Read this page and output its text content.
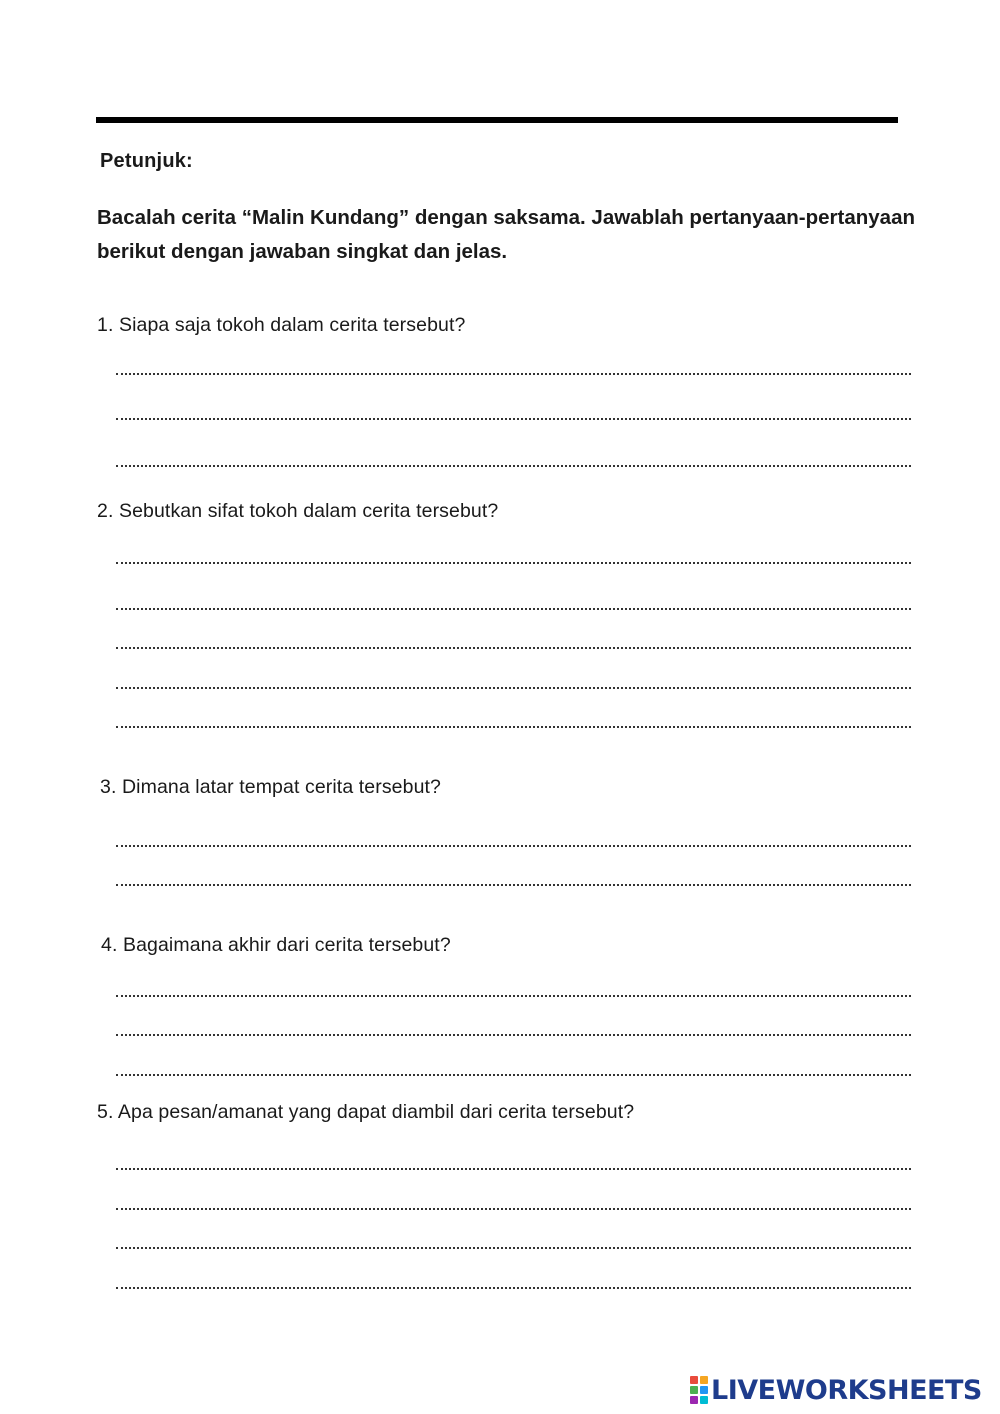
Petunjuk:
Bacalah cerita “Malin Kundang” dengan saksama. Jawablah pertanyaan-pertanyaan berikut dengan jawaban singkat dan jelas.
1. Siapa saja tokoh dalam cerita tersebut?
2. Sebutkan sifat tokoh dalam cerita tersebut?
3. Dimana latar tempat cerita tersebut?
4. Bagaimana akhir dari cerita tersebut?
5. Apa pesan/amanat yang dapat diambil dari cerita tersebut?
LIVEWORKSHEETS
